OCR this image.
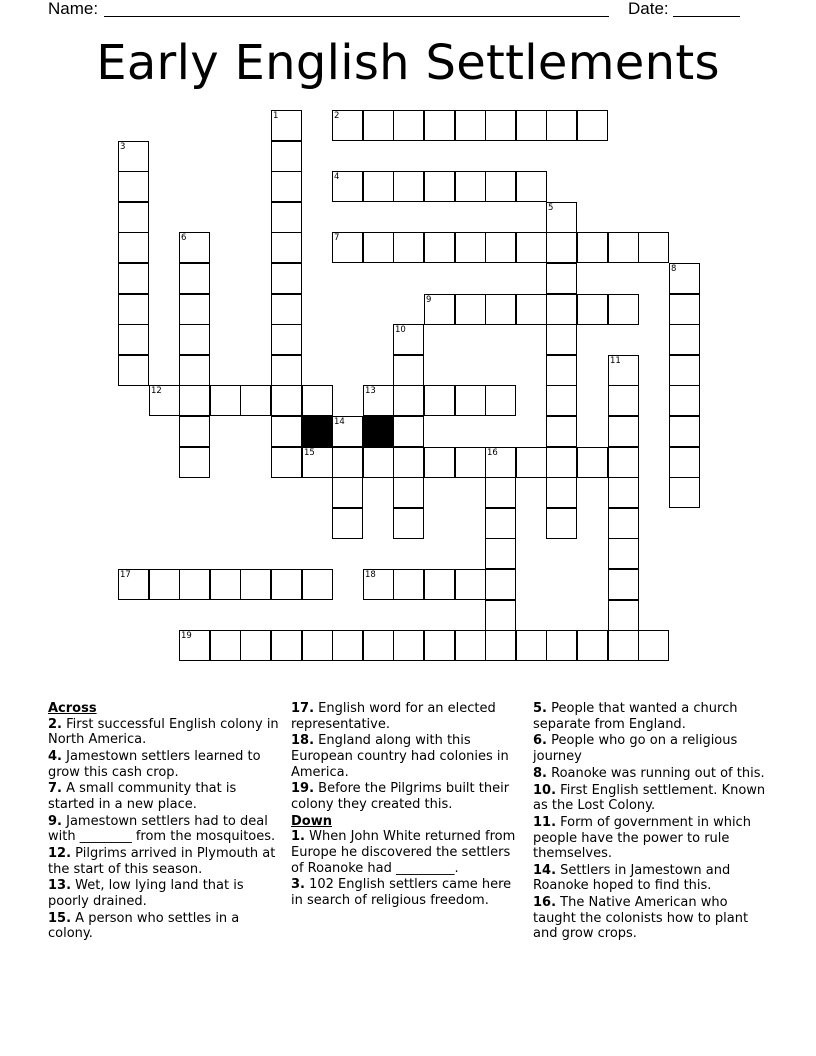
Name:	Date:
Early English Settlements
1	2
3
4
5
6	7
8
9
10
11
12	13
14
15	16
17	18
19
Across
2. First successful English colony in North America.
4. Jamestown settlers learned to grow this cash crop.
7. A small community that is started in a new place.
9. Jamestown settlers had to deal with ________ from the mosquitoes.
12. Pilgrims arrived in Plymouth at the start of this season.
13. Wet, low lying land that is poorly drained.
15. A person who settles in a colony.
17. English word for an elected representative.
18. England along with this European country had colonies in America.
19. Before the Pilgrims built their colony they created this.
Down
1. When John White returned from Europe he discovered the settlers of Roanoke had _________.
3. 102 English settlers came here in search of religious freedom.
5. People that wanted a church separate from England.
6. People who go on a religious journey
8. Roanoke was running out of this.
10. First English settlement. Known as the Lost Colony.
11. Form of government in which people have the power to rule themselves.
14. Settlers in Jamestown and Roanoke hoped to find this.
16. The Native American who taught the colonists how to plant and grow crops.
